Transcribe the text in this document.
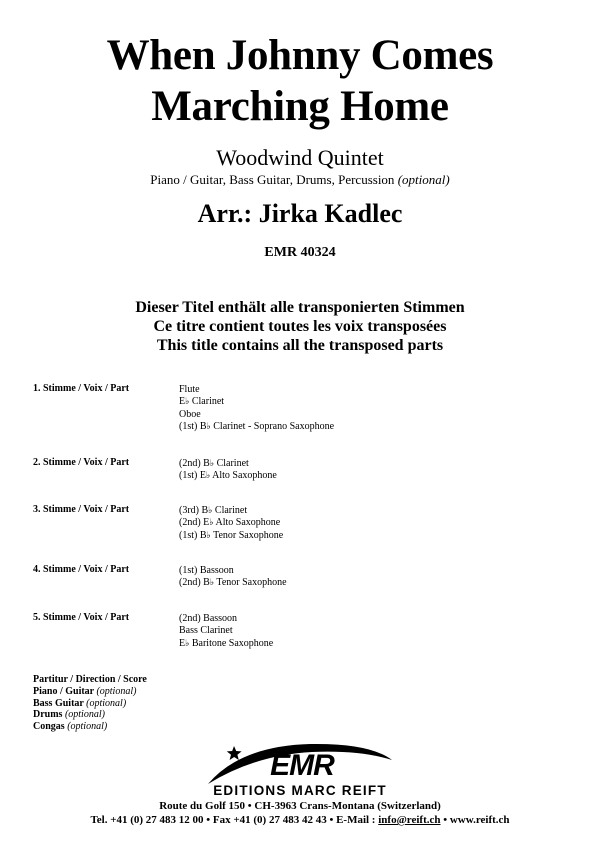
When Johnny Comes
Marching Home
Woodwind Quintet
Piano / Guitar, Bass Guitar, Drums, Percussion (optional)
Arr.: Jirka Kadlec
EMR 40324
Dieser Titel enthält alle transponierten Stimmen
Ce titre contient toutes les voix transposées
This title contains all the transposed parts
1. Stimme / Voix / Part	Flute
E♭ Clarinet
Oboe
(1st) B♭ Clarinet - Soprano Saxophone
2. Stimme / Voix / Part	(2nd) B♭ Clarinet
(1st) E♭ Alto Saxophone
3. Stimme / Voix / Part	(3rd) B♭ Clarinet
(2nd) E♭ Alto Saxophone
(1st) B♭ Tenor Saxophone
4. Stimme / Voix / Part	(1st) Bassoon
(2nd) B♭ Tenor Saxophone
5. Stimme / Voix / Part	(2nd) Bassoon
Bass Clarinet
E♭ Baritone Saxophone
Partitur / Direction / Score
Piano / Guitar (optional)
Bass Guitar (optional)
Drums (optional)
Congas (optional)
EMR
EDITIONS MARC REIFT
Route du Golf 150 • CH-3963 Crans-Montana (Switzerland)
Tel. +41 (0) 27 483 12 00 • Fax +41 (0) 27 483 42 43 • E-Mail : info@reift.ch • www.reift.ch
